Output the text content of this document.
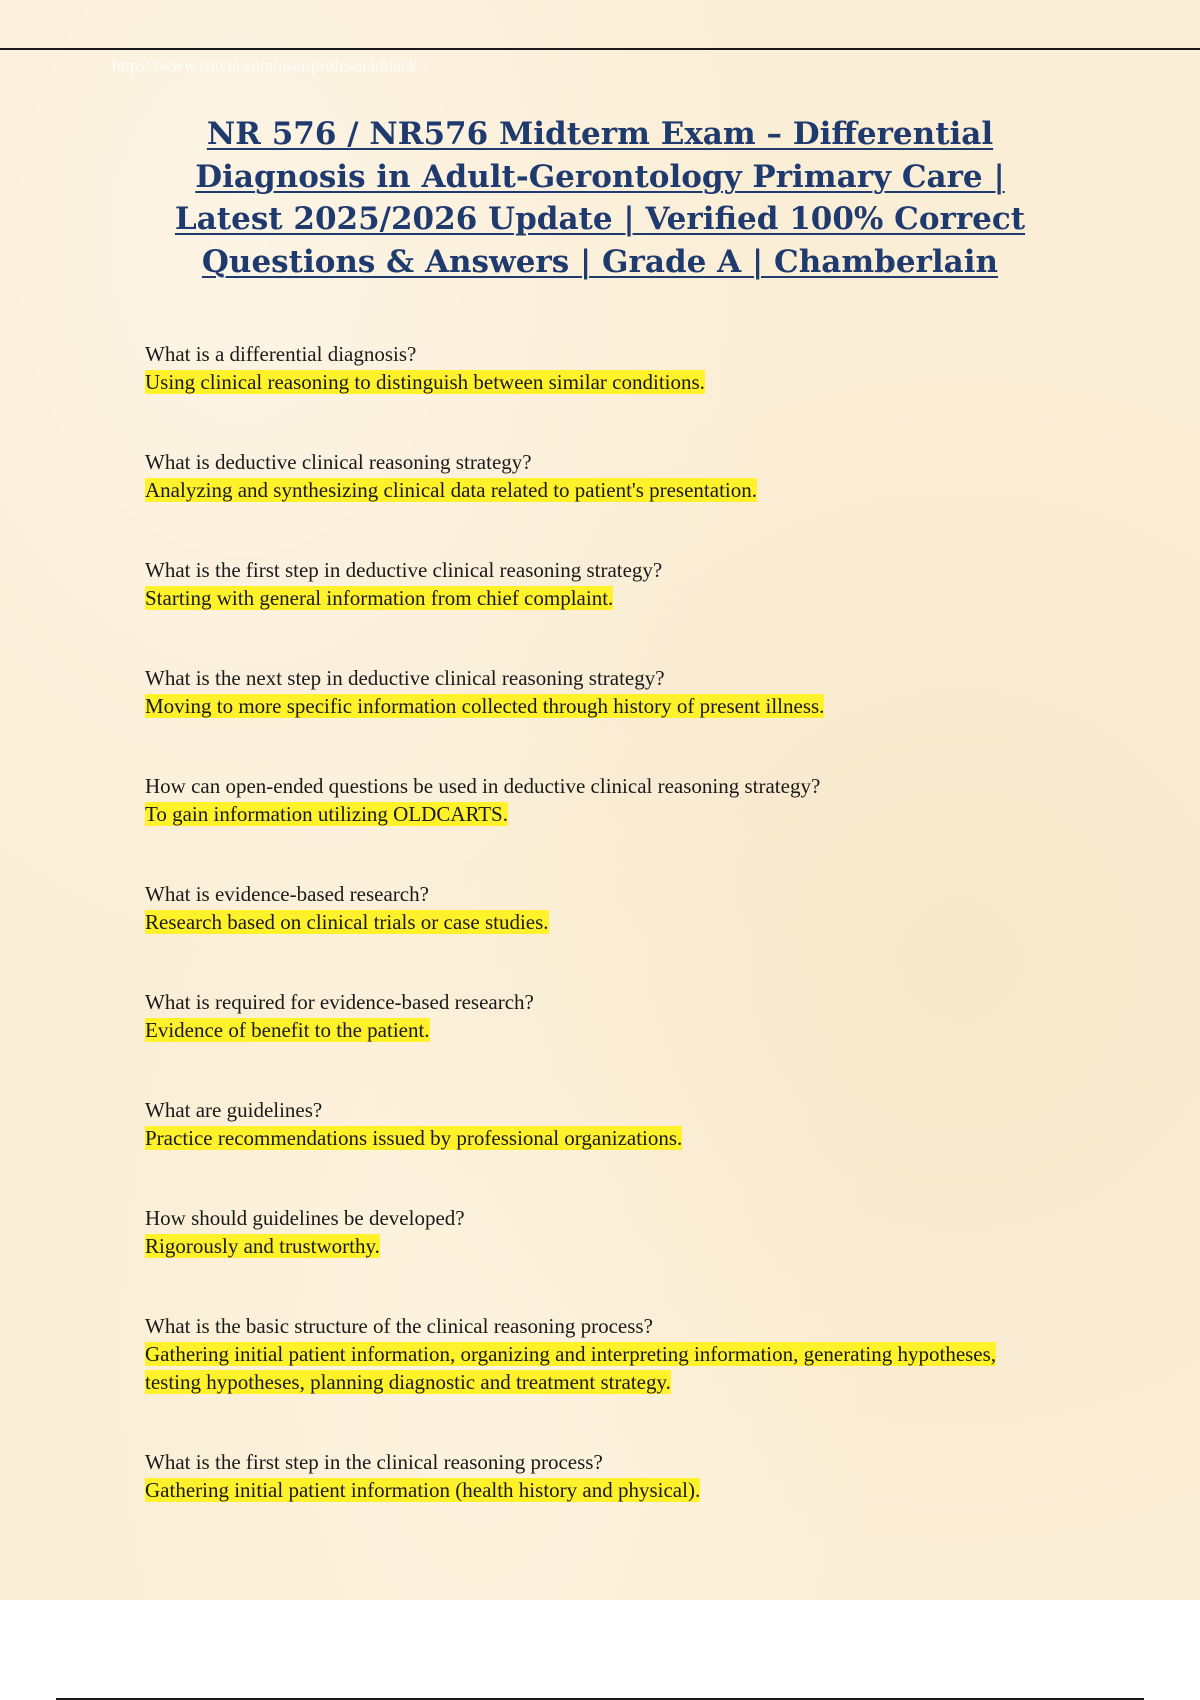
https://www.stuvia.com/user/profesoradilack
NR 576 / NR576 Midterm Exam – Differential Diagnosis in Adult-Gerontology Primary Care | Latest 2025/2026 Update | Verified 100% Correct Questions & Answers | Grade A | Chamberlain
What is a differential diagnosis?
Using clinical reasoning to distinguish between similar conditions.
What is deductive clinical reasoning strategy?
Analyzing and synthesizing clinical data related to patient's presentation.
What is the first step in deductive clinical reasoning strategy?
Starting with general information from chief complaint.
What is the next step in deductive clinical reasoning strategy?
Moving to more specific information collected through history of present illness.
How can open-ended questions be used in deductive clinical reasoning strategy?
To gain information utilizing OLDCARTS.
What is evidence-based research?
Research based on clinical trials or case studies.
What is required for evidence-based research?
Evidence of benefit to the patient.
What are guidelines?
Practice recommendations issued by professional organizations.
How should guidelines be developed?
Rigorously and trustworthy.
What is the basic structure of the clinical reasoning process?
Gathering initial patient information, organizing and interpreting information, generating hypotheses, testing hypotheses, planning diagnostic and treatment strategy.
What is the first step in the clinical reasoning process?
Gathering initial patient information (health history and physical).
